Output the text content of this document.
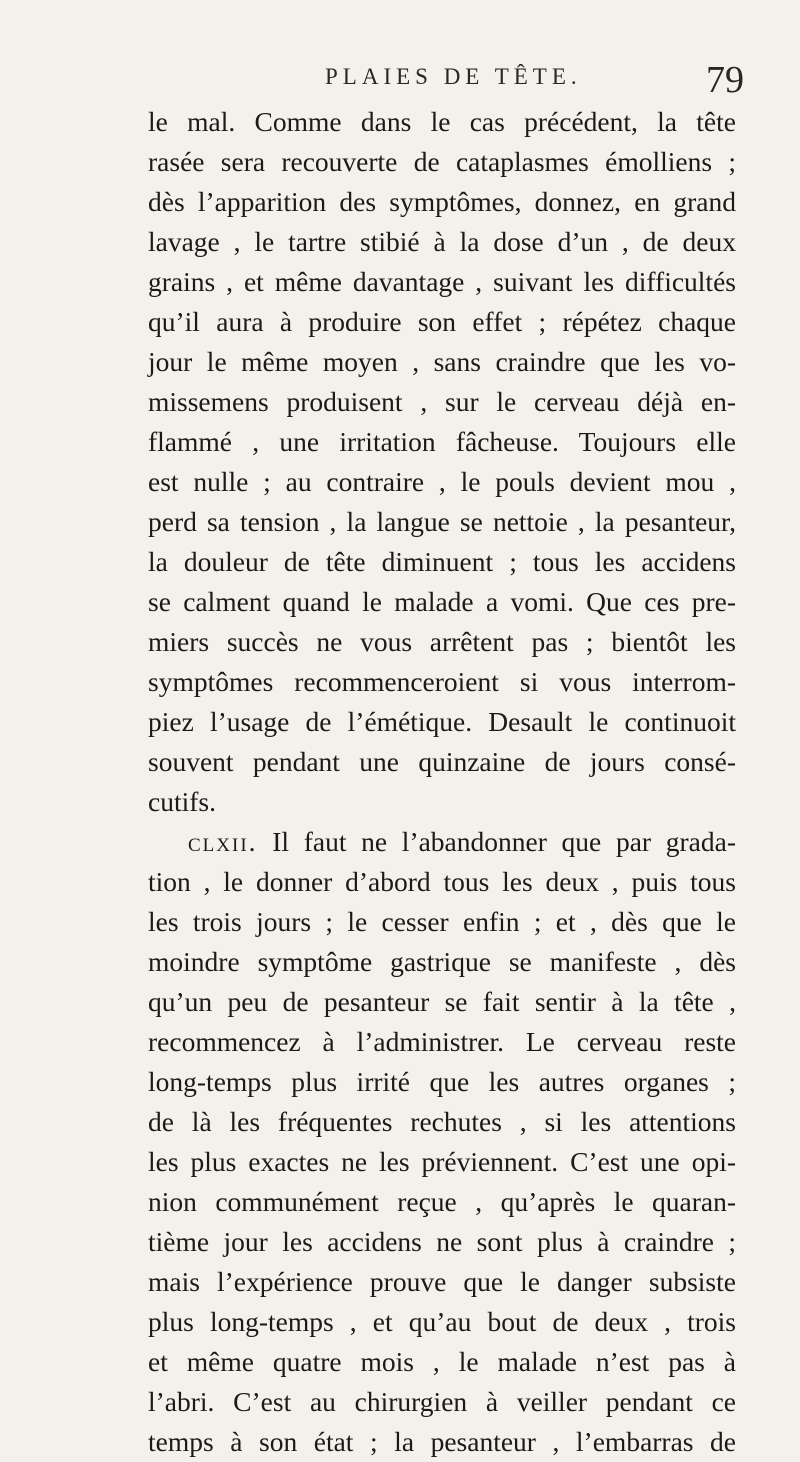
PLAIES DE TÊTE.	79
le mal. Comme dans le cas précédent, la tête
rasée sera recouverte de cataplasmes émolliens ;
dès l’apparition des symptômes, donnez, en grand
lavage , le tartre stibié à la dose d’un , de deux
grains , et même davantage , suivant les difficultés
qu’il aura à produire son effet ; répétez chaque
jour le même moyen , sans craindre que les vo-
missemens produisent , sur le cerveau déjà en-
flammé , une irritation fâcheuse. Toujours elle
est nulle ; au contraire , le pouls devient mou ,
perd sa tension , la langue se nettoie , la pesanteur,
la douleur de tête diminuent ; tous les accidens
se calment quand le malade a vomi. Que ces pre-
miers succès ne vous arrêtent pas ; bientôt les
symptômes recommenceroient si vous interrom-
piez l’usage de l’émétique. Desault le continuoit
souvent pendant une quinzaine de jours consé-
cutifs.
clxii. Il faut ne l’abandonner que par grada-
tion , le donner d’abord tous les deux , puis tous
les trois jours ; le cesser enfin ; et , dès que le
moindre symptôme gastrique se manifeste , dès
qu’un peu de pesanteur se fait sentir à la tête ,
recommencez à l’administrer. Le cerveau reste
long-temps plus irrité que les autres organes ;
de là les fréquentes rechutes , si les attentions
les plus exactes ne les préviennent. C’est une opi-
nion communément reçue , qu’après le quaran-
tième jour les accidens ne sont plus à craindre ;
mais l’expérience prouve que le danger subsiste
plus long-temps , et qu’au bout de deux , trois
et même quatre mois , le malade n’est pas à
l’abri. C’est au chirurgien à veiller pendant ce
temps à son état ; la pesanteur , l’embarras de
